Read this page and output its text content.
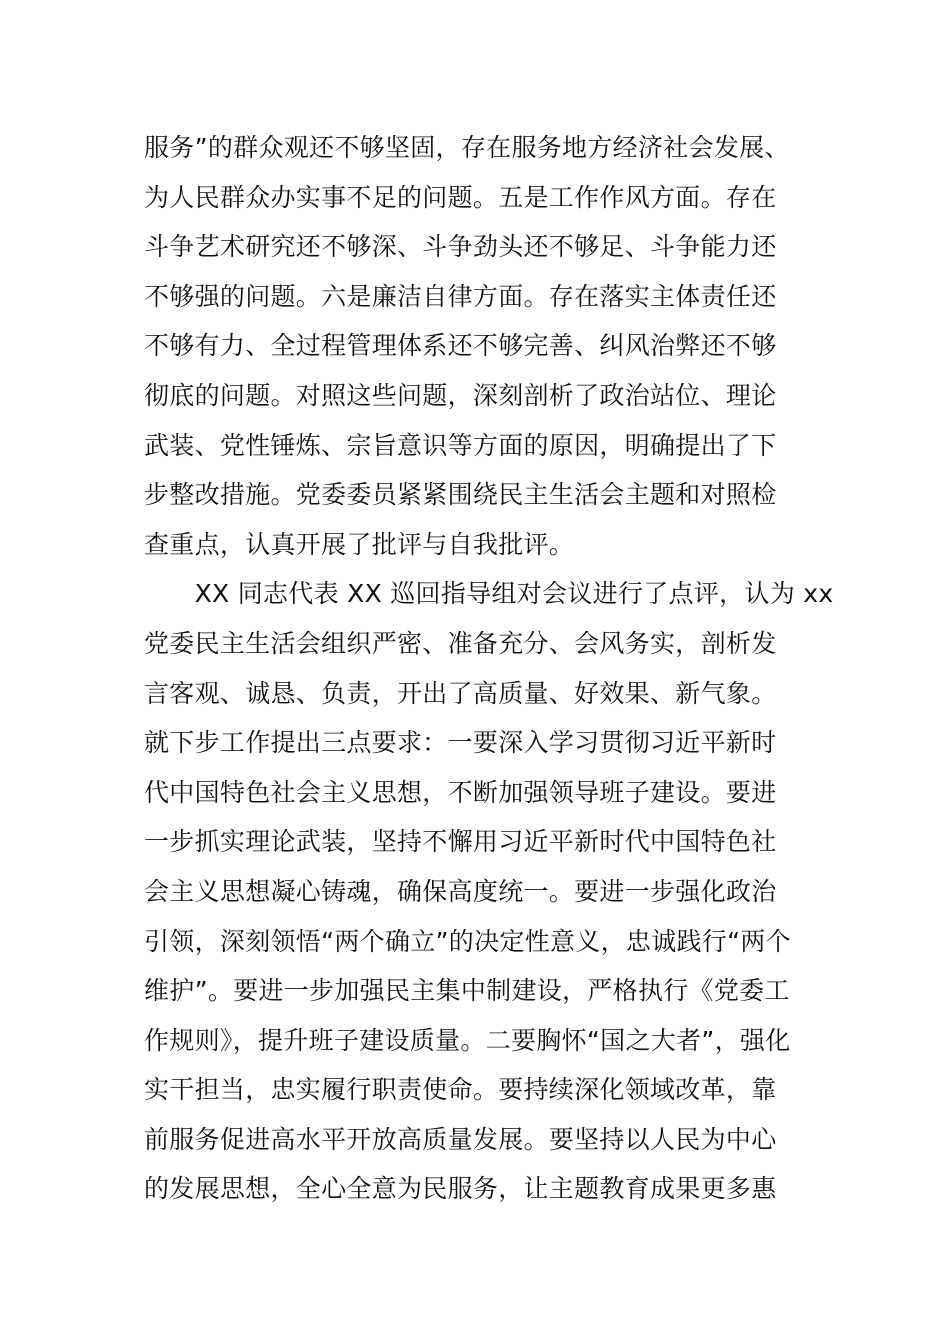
服务”的群众观还不够坚固，存在服务地方经济社会发展、
为人民群众办实事不足的问题。五是工作作风方面。存在
斗争艺术研究还不够深、斗争劲头还不够足、斗争能力还
不够强的问题。六是廉洁自律方面。存在落实主体责任还
不够有力、全过程管理体系还不够完善、纠风治弊还不够
彻底的问题。对照这些问题，深刻剖析了政治站位、理论
武装、党性锤炼、宗旨意识等方面的原因，明确提出了下
步整改措施。党委委员紧紧围绕民主生活会主题和对照检
查重点，认真开展了批评与自我批评。
　　XX 同志代表 XX 巡回指导组对会议进行了点评，认为 xx
党委民主生活会组织严密、准备充分、会风务实，剖析发
言客观、诚恳、负责，开出了高质量、好效果、新气象。
就下步工作提出三点要求：一要深入学习贯彻习近平新时
代中国特色社会主义思想，不断加强领导班子建设。要进
一步抓实理论武装，坚持不懈用习近平新时代中国特色社
会主义思想凝心铸魂，确保高度统一。要进一步强化政治
引领，深刻领悟“两个确立”的决定性意义，忠诚践行“两个
维护”。要进一步加强民主集中制建设，严格执行《党委工
作规则》，提升班子建设质量。二要胸怀“国之大者”，强化
实干担当，忠实履行职责使命。要持续深化领域改革，靠
前服务促进高水平开放高质量发展。要坚持以人民为中心
的发展思想，全心全意为民服务，让主题教育成果更多惠
